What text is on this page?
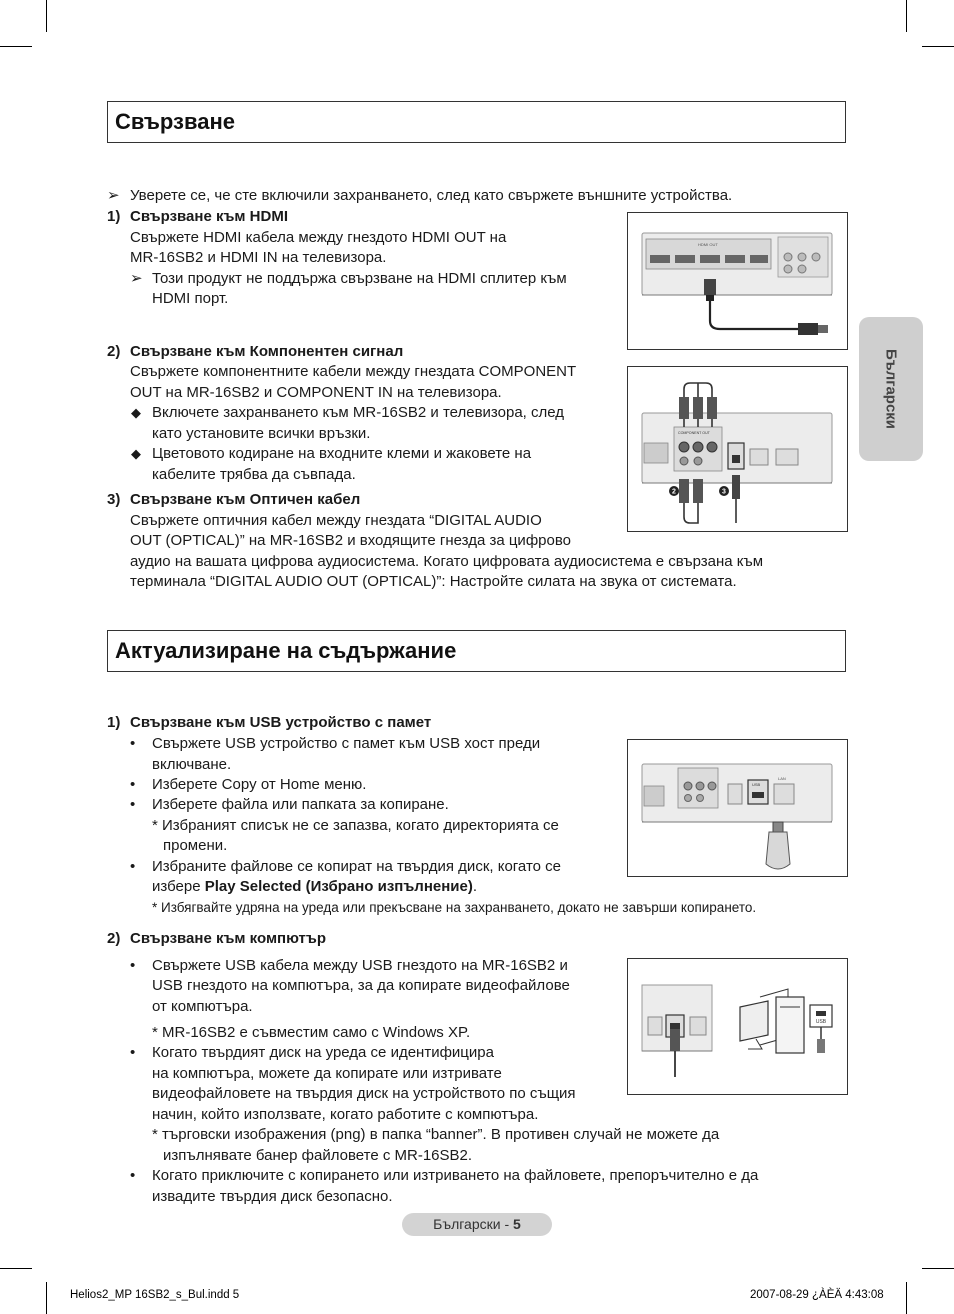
Свързване
➢ Уверете се, че сте включили захранването, след като свържете външните устройства.
1) Свързване към HDMI
Свържете HDMI кабела между гнездото HDMI OUT на
MR-16SB2 и HDMI IN на телевизора.
➢ Този продукт не поддържа свързване на HDMI сплитер към
HDMI порт.
HDMI OUT
2) Свързване към Компонентен сигнал
Свържете компонентните кабели между гнездата COMPONENT
OUT на MR-16SB2 и COMPONENT IN на телевизора.
◆ Включете захранването към MR-16SB2 и телевизора, след
като установите всички връзки.
◆ Цветовото кодиране на входните клеми и жаковете на
кабелите трябва да съвпада.
3) Свързване към Оптичен кабел
Свържете оптичния кабел между гнездата “DIGITAL AUDIO
OUT (OPTICAL)” на MR-16SB2 и входящите гнезда за цифрово
аудио на вашата цифрова аудиосистема. Когато цифровата аудиосистема е свързана към
терминала “DIGITAL AUDIO OUT (OPTICAL)”: Настройте силата на звука от системата.
COMPONENT OUT
2	3
Актуализиране на съдържание
1) Свързване към USB устройство с памет
• Свържете USB устройство с памет към USB хост преди
включване.
• Изберете Copy от Home меню.
• Изберете файла или папката за копиране.
* Избраният списък не се запазва, когато директорията се
промени.
• Избраните файлове се копират на твърдия диск, когато се
избере Play Selected (Избрано изпълнение).
* Избягвайте удряна на уреда или прекъсване на захранването, докато не завърши копирането.
USB
LAN
2) Свързване към компютър
• Свържете USB кабела между USB гнездото на MR-16SB2 и
USB гнездото на компютъра, за да копирате видеофайлове
от компютъра.
* MR-16SB2 е съвместим само с Windows XP.
• Когато твърдият диск на уреда се идентифицира
на компютъра, можете да копирате или изтривате
видеофайловете на твърдия диск на устройството по същия
начин, който използвате, когато работите с компютъра.
* търговски изображения (png) в папка “banner”. В противен случай не можете да
изпълнявате банер файловете с MR-16SB2.
• Когато приключите с копирането или изтриването на файловете, препоръчително е да
извадите твърдия диск безопасно.
USB
Български
Български - 5
Helios2_MP 16SB2_s_Bul.indd 5	2007-08-29 ¿ÀÈÄ 4:43:08
